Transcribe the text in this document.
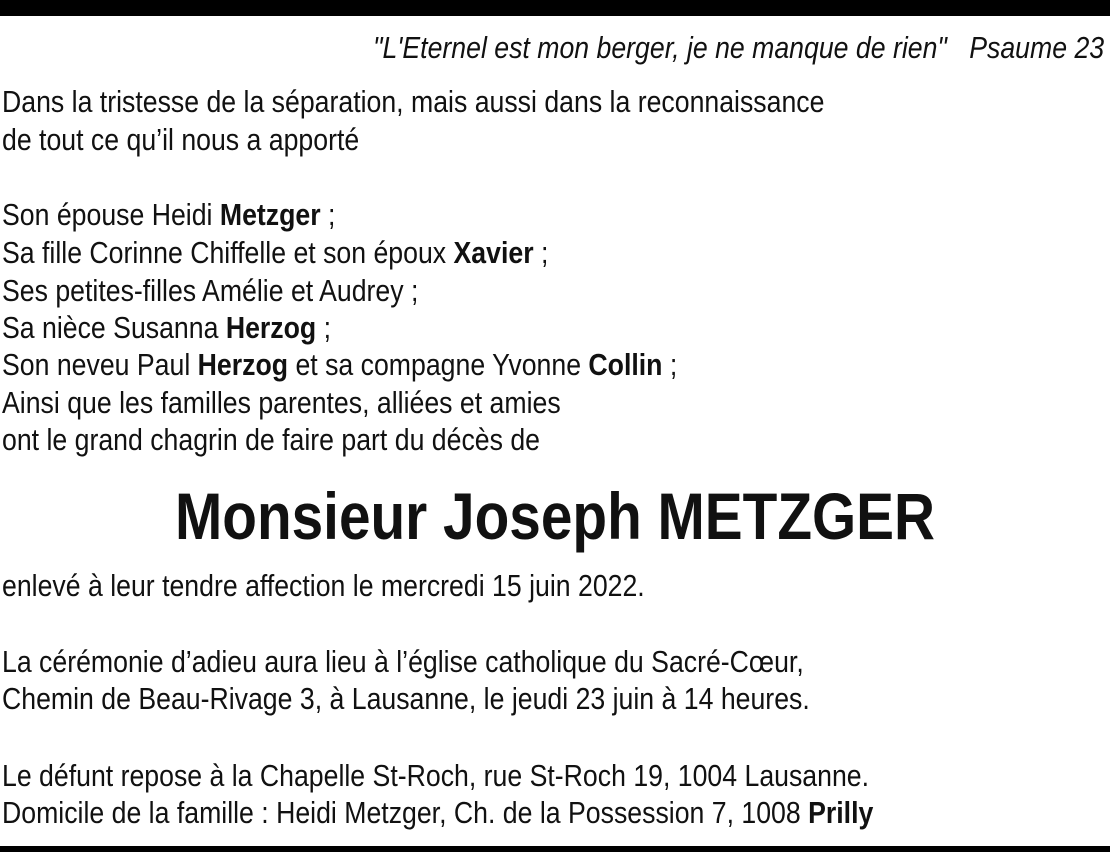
"L'Eternel est mon berger, je ne manque de rien" Psaume 23
Dans la tristesse de la séparation, mais aussi dans la reconnaissance
de tout ce qu’il nous a apporté
Son épouse Heidi Metzger ;
Sa fille Corinne Chiffelle et son époux Xavier ;
Ses petites-filles Amélie et Audrey ;
Sa nièce Susanna Herzog ;
Son neveu Paul Herzog et sa compagne Yvonne Collin ;
Ainsi que les familles parentes, alliées et amies
ont le grand chagrin de faire part du décès de
Monsieur Joseph METZGER
enlevé à leur tendre affection le mercredi 15 juin 2022.
La cérémonie d’adieu aura lieu à l’église catholique du Sacré-Cœur,
Chemin de Beau-Rivage 3, à Lausanne, le jeudi 23 juin à 14 heures.
Le défunt repose à la Chapelle St-Roch, rue St-Roch 19, 1004 Lausanne.
Domicile de la famille : Heidi Metzger, Ch. de la Possession 7, 1008 Prilly
